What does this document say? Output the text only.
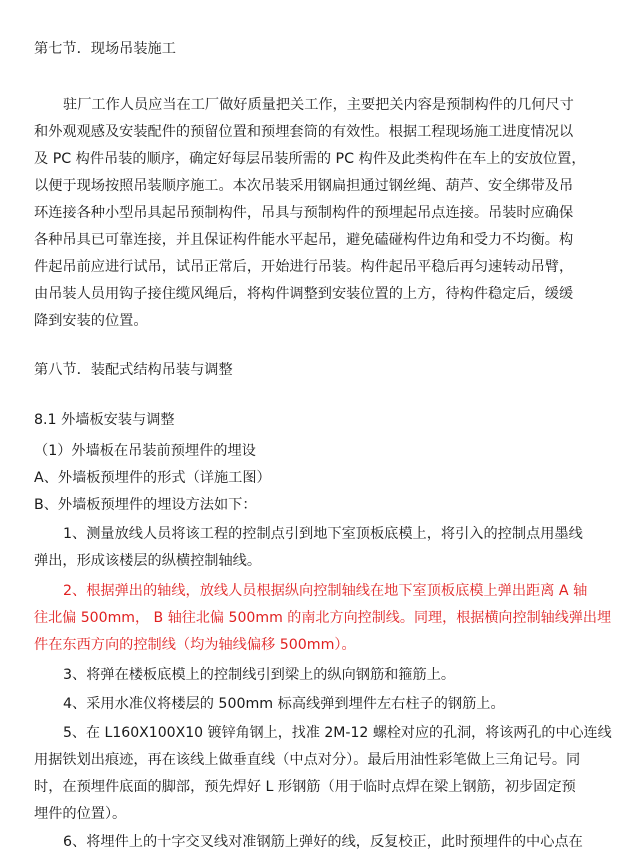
第七节．现场吊装施工
驻厂工作人员应当在工厂做好质量把关工作，主要把关内容是预制构件的几何尺寸
和外观观感及安装配件的预留位置和预埋套筒的有效性。根据工程现场施工进度情况以
及 PC 构件吊装的顺序，确定好每层吊装所需的 PC 构件及此类构件在车上的安放位置，
以便于现场按照吊装顺序施工。本次吊装采用钢扁担通过钢丝绳、葫芦、安全绑带及吊
环连接各种小型吊具起吊预制构件，吊具与预制构件的预埋起吊点连接。吊装时应确保
各种吊具已可靠连接，并且保证构件能水平起吊，避免磕碰构件边角和受力不均衡。构
件起吊前应进行试吊，试吊正常后，开始进行吊装。构件起吊平稳后再匀速转动吊臂，
由吊装人员用钩子接住缆风绳后，将构件调整到安装位置的上方，待构件稳定后，缓缓
降到安装的位置。
第八节．装配式结构吊装与调整
8.1 外墙板安装与调整
（1）外墙板在吊装前预埋件的埋设
A、外墙板预埋件的形式（详施工图）
B、外墙板预埋件的埋设方法如下：
1、测量放线人员将该工程的控制点引到地下室顶板底模上，将引入的控制点用墨线
弹出，形成该楼层的纵横控制轴线。
2、根据弹出的轴线，放线人员根据纵向控制轴线在地下室顶板底模上弹出距离 A 轴
往北偏 500mm， B 轴往北偏 500mm 的南北方向控制线。同理，根据横向控制轴线弹出埋
件在东西方向的控制线（均为轴线偏移 500mm）。
3、将弹在楼板底模上的控制线引到梁上的纵向钢筋和箍筋上。
4、采用水准仪将楼层的 500mm 标高线弹到埋件左右柱子的钢筋上。
5、在 L160X100X10 镀锌角钢上，找准 2M-12 螺栓对应的孔洞，将该两孔的中心连线
用据铁划出痕迹，再在该线上做垂直线（中点对分）。最后用油性彩笔做上三角记号。同
时，在预埋件底面的脚部，预先焊好 L 形钢筋（用于临时点焊在梁上钢筋，初步固定预
埋件的位置）。
6、将埋件上的十字交叉线对准钢筋上弹好的线，反复校正，此时预埋件的中心点在
